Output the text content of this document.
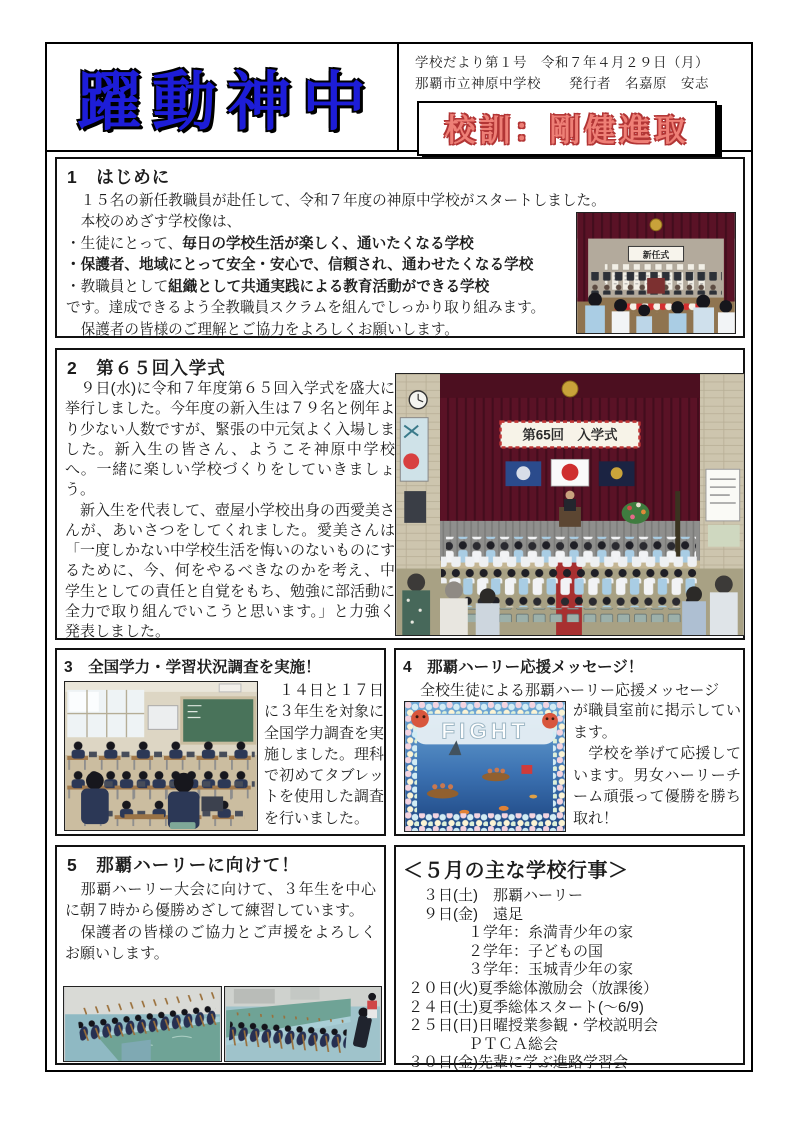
躍動神中
学校だより第１号　令和７年４月２９日（月）
那覇市立神原中学校　　発行者　名嘉原　安志
校訓：剛健進取
1　はじめに
　１５名の新任教職員が赴任して、令和７年度の神原中学校がスタートしました。
　本校のめざす学校像は、
・生徒にとって、毎日の学校生活が楽しく、通いたくなる学校
・保護者、地域にとって安全・安心で、信頼され、通わせたくなる学校
・教職員として組織として共通実践による教育活動ができる学校
です。達成できるよう全教職員スクラムを組んでしっかり取り組みます。
　保護者の皆様のご理解とご協力をよろしくお願いします。
新任式
2　第６５回入学式

　９日(水)に令和７年度第６５回入学式を盛大に挙行しました。今年度の新入生は７９名と例年より少ない人数ですが、緊張の中元気よく入場しました。新入生の皆さん、ようこそ神原中学校へ。一緒に楽しい学校づくりをしていきましょう。

　新入生を代表して、壺屋小学校出身の西愛美さんが、あいさつをしてくれました。愛美さんは「一度しかない中学校生活を悔いのないものにするために、今、何をやるべきなのかを考え、中学生としての責任と自覚をもち、勉強に部活動に全力で取り組んでいこうと思います。」と力強く発表しました。

第65回　入学式
3　全国学力・学習状況調査を実施！
　１４日と１７日に３年生を対象に全国学力調査を実施しました。理科で初めてタブレットを使用した調査を行いました。
4　那覇ハーリー応援メッセージ！
　全校生徒による那覇ハーリー応援メッセージ
FIGHT

が職員室前に掲示しています。

　学校を挙げて応援しています。男女ハーリーチーム頑張って優勝を勝ち取れ！

5　那覇ハーリーに向けて！
　那覇ハーリー大会に向けて、３年生を中心に朝７時から優勝めざして練習しています。
　保護者の皆様のご協力とご声援をよろしくお願いします。
＜５月の主な学校行事＞
　３日(土)　那覇ハーリー
　９日(金)　遠足
　　　　１学年：糸満青少年の家
　　　　２学年：子どもの国
　　　　３学年：玉城青少年の家
２０日(火)夏季総体激励会（放課後）
２４日(土)夏季総体スタート(～6/9)
２５日(日)日曜授業参観・学校説明会
　　　　ＰＴＣＡ総会
３０日(金)先輩に学ぶ進路学習会
